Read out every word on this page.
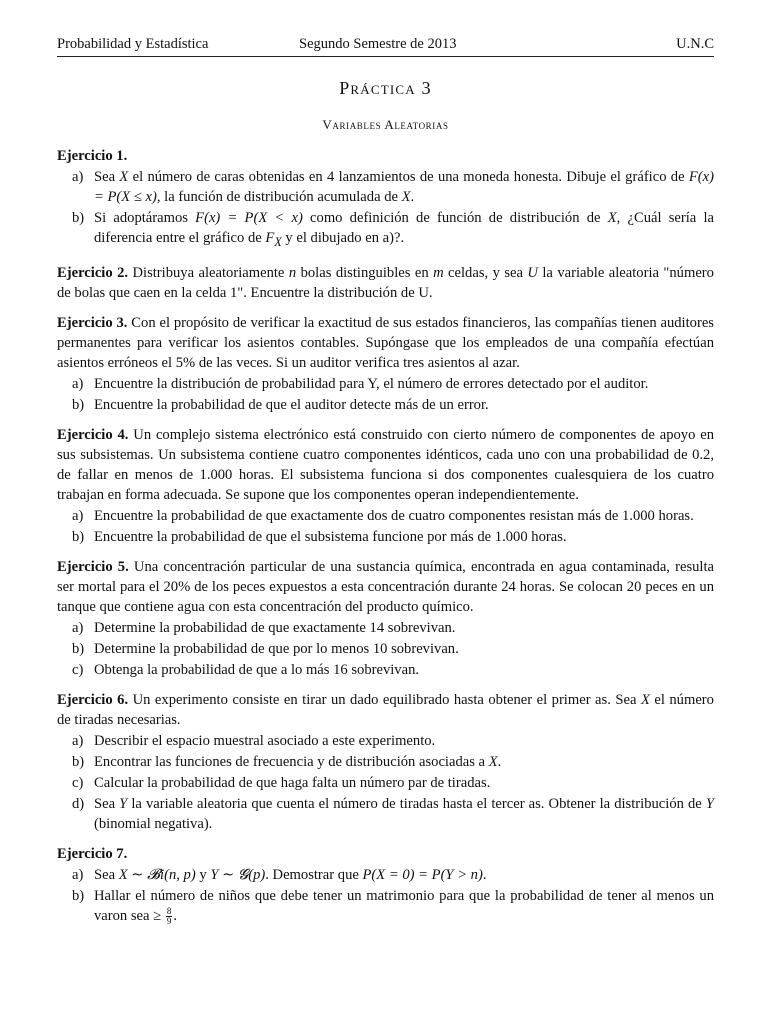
Probabilidad y Estadística	Segundo Semestre de 2013	U.N.C
Práctica 3
Variables Aleatorias
Ejercicio 1.
a) Sea X el número de caras obtenidas en 4 lanzamientos de una moneda honesta. Dibuje el gráfico de F(x) = P(X ≤ x), la función de distribución acumulada de X.
b) Si adoptáramos F(x) = P(X < x) como definición de función de distribución de X, ¿Cuál sería la diferencia entre el gráfico de $F_X$ y el dibujado en a)?.
Ejercicio 2. Distribuya aleatoriamente n bolas distinguibles en m celdas, y sea U la variable aleatoria "número de bolas que caen en la celda 1". Encuentre la distribución de U.
Ejercicio 3. Con el propósito de verificar la exactitud de sus estados financieros, las compañías tienen auditores permanentes para verificar los asientos contables. Supóngase que los empleados de una compañía efectúan asientos erróneos el 5% de las veces. Si un auditor verifica tres asientos al azar.
a) Encuentre la distribución de probabilidad para Y, el número de errores detectado por el auditor.
b) Encuentre la probabilidad de que el auditor detecte más de un error.
Ejercicio 4. Un complejo sistema electrónico está construido con cierto número de componentes de apoyo en sus subsistemas. Un subsistema contiene cuatro componentes idénticos, cada uno con una probabilidad de 0.2, de fallar en menos de 1.000 horas. El subsistema funciona si dos componentes cualesquiera de los cuatro trabajan en forma adecuada. Se supone que los componentes operan independientemente.
a) Encuentre la probabilidad de que exactamente dos de cuatro componentes resistan más de 1.000 horas.
b) Encuentre la probabilidad de que el subsistema funcione por más de 1.000 horas.
Ejercicio 5. Una concentración particular de una sustancia química, encontrada en agua contaminada, resulta ser mortal para el 20% de los peces expuestos a esta concentración durante 24 horas. Se colocan 20 peces en un tanque que contiene agua con esta concentración del producto químico.
a) Determine la probabilidad de que exactamente 14 sobrevivan.
b) Determine la probabilidad de que por lo menos 10 sobrevivan.
c) Obtenga la probabilidad de que a lo más 16 sobrevivan.
Ejercicio 6. Un experimento consiste en tirar un dado equilibrado hasta obtener el primer as. Sea X el número de tiradas necesarias.
a) Describir el espacio muestral asociado a este experimento.
b) Encontrar las funciones de frecuencia y de distribución asociadas a X.
c) Calcular la probabilidad de que haga falta un número par de tiradas.
d) Sea Y la variable aleatoria que cuenta el número de tiradas hasta el tercer as. Obtener la distribución de Y (binomial negativa).
Ejercicio 7.
a) Sea X ∼ 𝓑i(n, p) y Y ∼ 𝓖(p). Demostrar que P(X = 0) = P(Y > n).
b) Hallar el número de niños que debe tener un matrimonio para que la probabilidad de tener al menos un varon sea ≥ $\frac{8}{9}$ .
